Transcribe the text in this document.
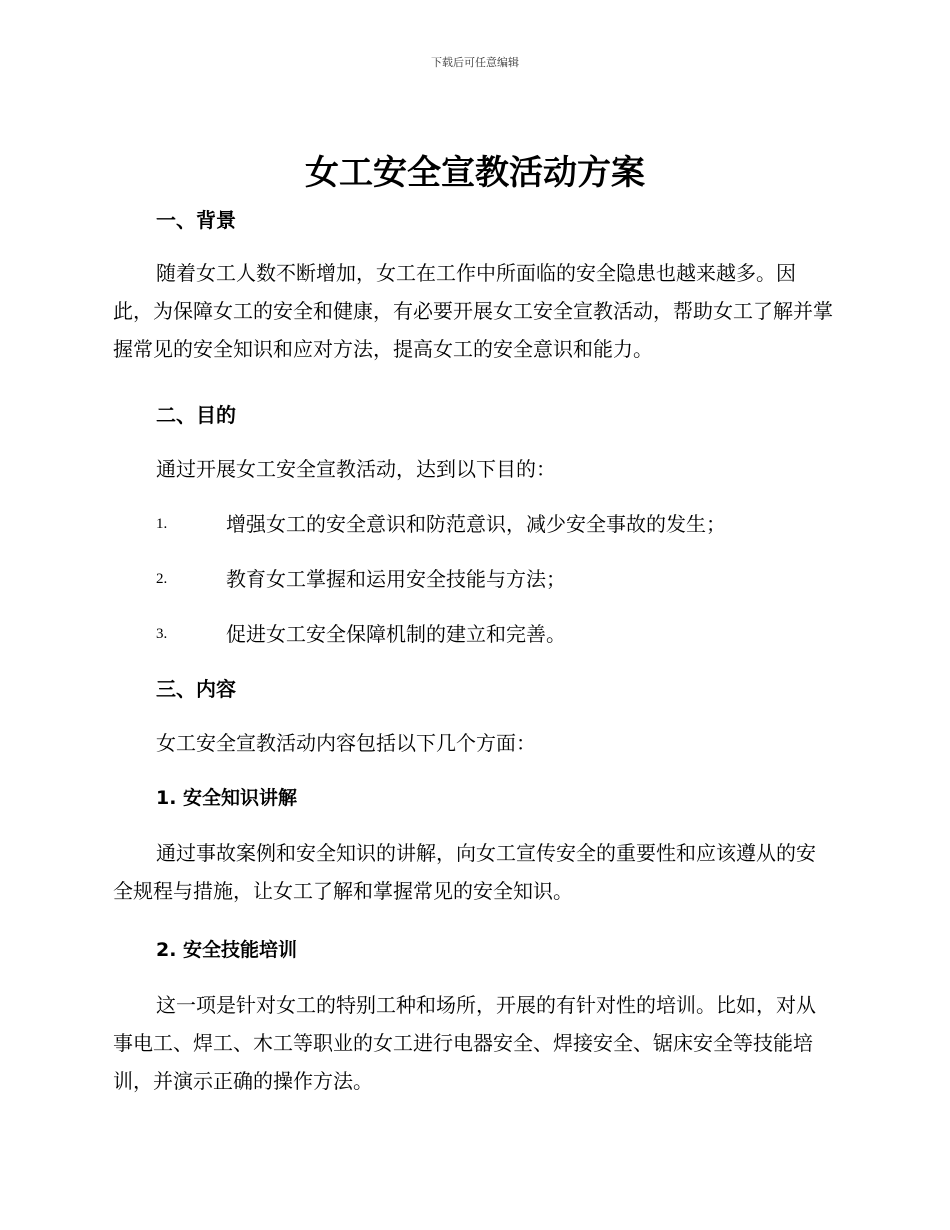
下载后可任意编辑
女工安全宣教活动方案
一、背景

随着女工人数不断增加，女工在工作中所面临的安全隐患也越来越多。因此，为保障女工的安全和健康，有必要开展女工安全宣教活动，帮助女工了解并掌握常见的安全知识和应对方法，提高女工的安全意识和能力。

二、目的

通过开展女工安全宣教活动，达到以下目的：

1.	增强女工的安全意识和防范意识，减少安全事故的发生；
2.	教育女工掌握和运用安全技能与方法；
3.	促进女工安全保障机制的建立和完善。
三、内容

女工安全宣教活动内容包括以下几个方面：

1. 安全知识讲解

通过事故案例和安全知识的讲解，向女工宣传安全的重要性和应该遵从的安全规程与措施，让女工了解和掌握常见的安全知识。

2. 安全技能培训

这一项是针对女工的特别工种和场所，开展的有针对性的培训。比如，对从事电工、焊工、木工等职业的女工进行电器安全、焊接安全、锯床安全等技能培训，并演示正确的操作方法。
